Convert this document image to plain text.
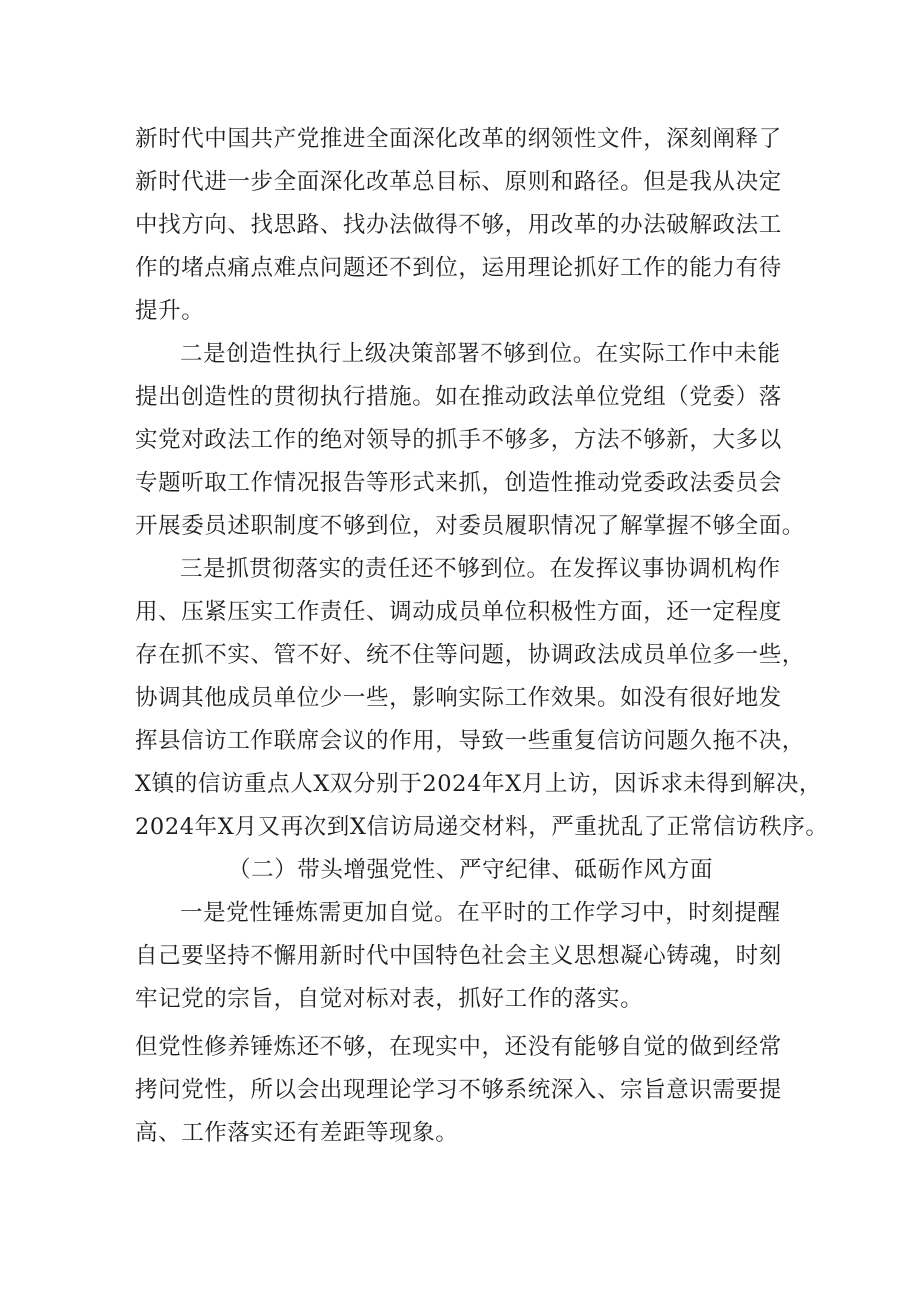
新时代中国共产党推进全面深化改革的纲领性文件，深刻阐释了
新时代进一步全面深化改革总目标、原则和路径。但是我从决定
中找方向、找思路、找办法做得不够，用改革的办法破解政法工
作的堵点痛点难点问题还不到位，运用理论抓好工作的能力有待
提升。
二是创造性执行上级决策部署不够到位。在实际工作中未能
提出创造性的贯彻执行措施。如在推动政法单位党组（党委）落
实党对政法工作的绝对领导的抓手不够多，方法不够新，大多以
专题听取工作情况报告等形式来抓，创造性推动党委政法委员会
开展委员述职制度不够到位，对委员履职情况了解掌握不够全面。
三是抓贯彻落实的责任还不够到位。在发挥议事协调机构作
用、压紧压实工作责任、调动成员单位积极性方面，还一定程度
存在抓不实、管不好、统不住等问题，协调政法成员单位多一些，
协调其他成员单位少一些，影响实际工作效果。如没有很好地发
挥县信访工作联席会议的作用，导致一些重复信访问题久拖不决，
X镇的信访重点人X双分别于2024年X月上访，因诉求未得到解决，
2024年X月又再次到X信访局递交材料，严重扰乱了正常信访秩序。
（二）带头增强党性、严守纪律、砥砺作风方面
一是党性锤炼需更加自觉。在平时的工作学习中，时刻提醒
自己要坚持不懈用新时代中国特色社会主义思想凝心铸魂，时刻
牢记党的宗旨，自觉对标对表，抓好工作的落实。
但党性修养锤炼还不够，在现实中，还没有能够自觉的做到经常
拷问党性，所以会出现理论学习不够系统深入、宗旨意识需要提
高、工作落实还有差距等现象。
